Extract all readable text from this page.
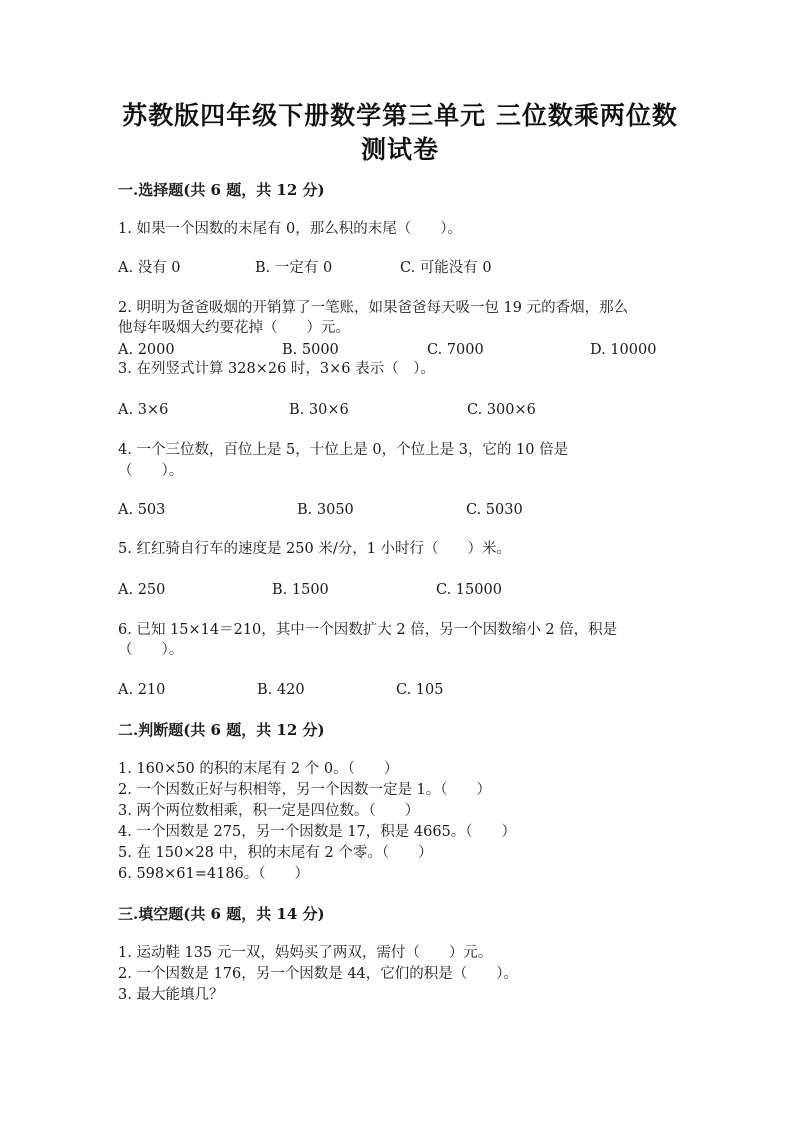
苏教版四年级下册数学第三单元 三位数乘两位数
测试卷
一.选择题(共 6 题，共 12 分)
1. 如果一个因数的末尾有 0，那么积的末尾（　　）。
A. 没有 0	B. 一定有 0	C. 可能没有 0
2. 明明为爸爸吸烟的开销算了一笔账，如果爸爸每天吸一包 19 元的香烟，那么
他每年吸烟大约要花掉（　　）元。
A. 2000	B. 5000	C. 7000	D. 10000
3. 在列竖式计算 328×26 时，3×6 表示（　）。
A. 3×6	B. 30×6	C. 300×6
4. 一个三位数，百位上是 5，十位上是 0，个位上是 3，它的 10 倍是
（　　）。
A. 503	B. 3050	C. 5030
5. 红红骑自行车的速度是 250 米/分，1 小时行（　　）米。
A. 250	B. 1500	C. 15000
6. 已知 15×14＝210，其中一个因数扩大 2 倍，另一个因数缩小 2 倍，积是
（　　）。
A. 210	B. 420	C. 105
二.判断题(共 6 题，共 12 分)
1. 160×50 的积的末尾有 2 个 0。（　　）
2. 一个因数正好与积相等，另一个因数一定是 1。（　　）
3. 两个两位数相乘，积一定是四位数。（　　）
4. 一个因数是 275，另一个因数是 17，积是 4665。（　　）
5. 在 150×28 中，积的末尾有 2 个零。（　　）
6. 598×61=4186。（　　）
三.填空题(共 6 题，共 14 分)
1. 运动鞋 135 元一双，妈妈买了两双，需付（　　）元。
2. 一个因数是 176，另一个因数是 44，它们的积是（　　）。
3. 最大能填几？
